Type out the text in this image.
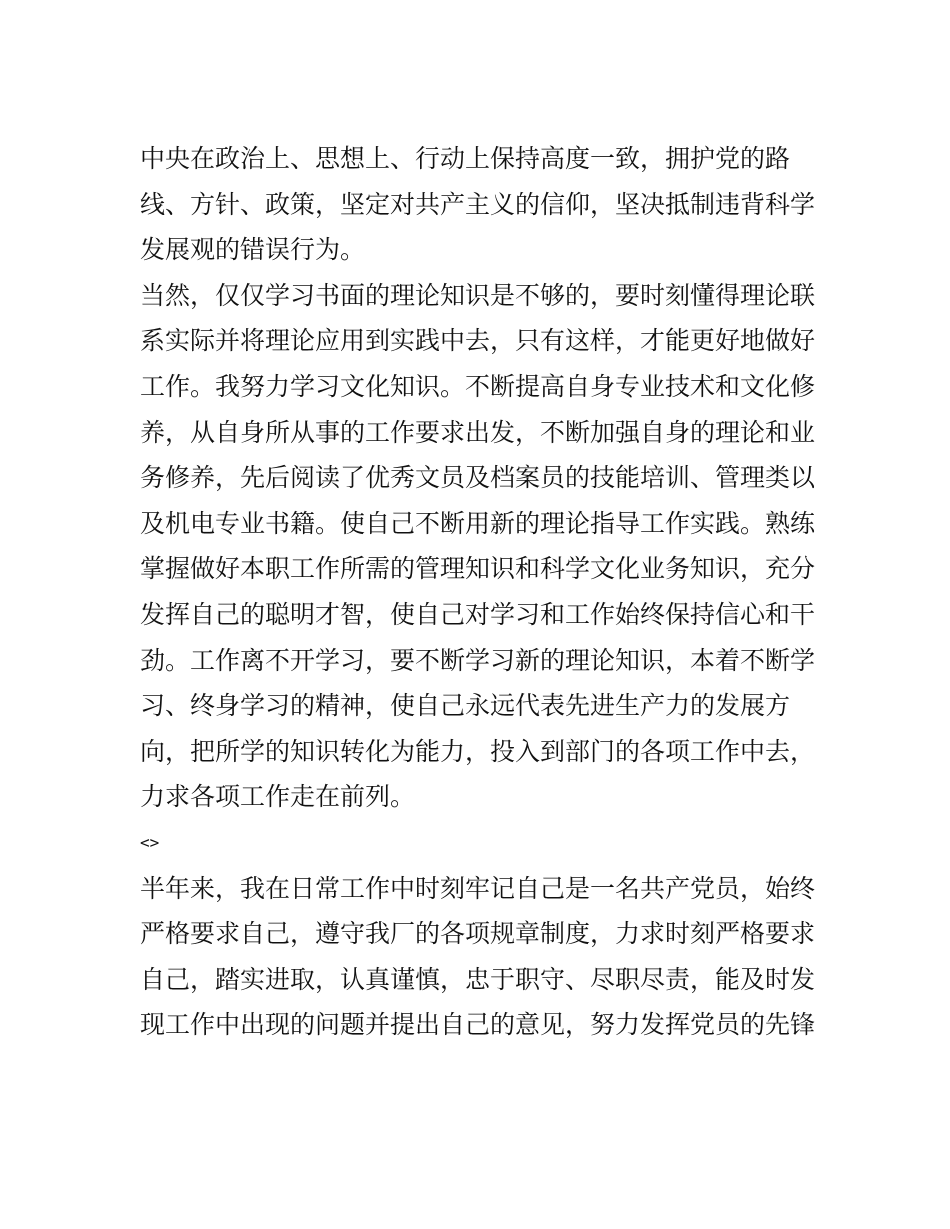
中央在政治上、思想上、行动上保持高度一致，拥护党的路
线、方针、政策，坚定对共产主义的信仰，坚决抵制违背科学
发展观的错误行为。
当然，仅仅学习书面的理论知识是不够的，要时刻懂得理论联
系实际并将理论应用到实践中去，只有这样，才能更好地做好
工作。我努力学习文化知识。不断提高自身专业技术和文化修
养，从自身所从事的工作要求出发，不断加强自身的理论和业
务修养，先后阅读了优秀文员及档案员的技能培训、管理类以
及机电专业书籍。使自己不断用新的理论指导工作实践。熟练
掌握做好本职工作所需的管理知识和科学文化业务知识，充分
发挥自己的聪明才智，使自己对学习和工作始终保持信心和干
劲。工作离不开学习，要不断学习新的理论知识，本着不断学
习、终身学习的精神，使自己永远代表先进生产力的发展方
向，把所学的知识转化为能力，投入到部门的各项工作中去，
力求各项工作走在前列。
<>
半年来，我在日常工作中时刻牢记自己是一名共产党员，始终
严格要求自己，遵守我厂的各项规章制度，力求时刻严格要求
自己，踏实进取，认真谨慎，忠于职守、尽职尽责，能及时发
现工作中出现的问题并提出自己的意见，努力发挥党员的先锋
